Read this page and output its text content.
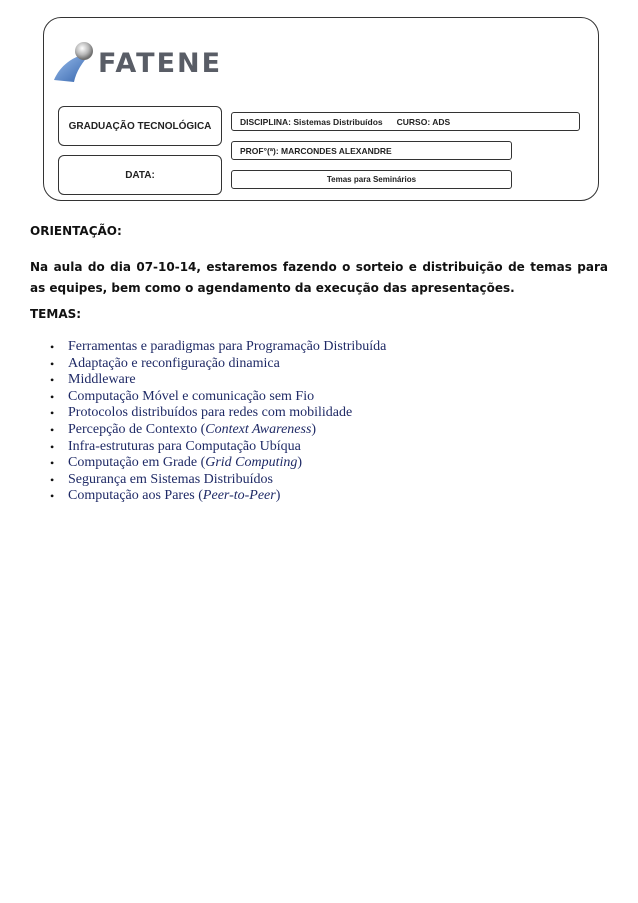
FATENE
GRADUAÇÃO TECNOLÓGICA
DATA:
DISCIPLINA: Sistemas Distribuídos CURSO: ADS
PROF°(ª): MARCONDES ALEXANDRE
Temas para Seminários
ORIENTAÇÃO:

Na aula do dia 07-10-14, estaremos fazendo o sorteio e distribuição de temas para as equipes, bem como o agendamento da execução das apresentações.

TEMAS:
• Ferramentas e paradigmas para Programação Distribuída
• Adaptação e reconfiguração dinamica
• Middleware
• Computação Móvel e comunicação sem Fio
• Protocolos distribuídos para redes com mobilidade
• Percepção de Contexto (Context Awareness)
• Infra-estruturas para Computação Ubíqua
• Computação em Grade (Grid Computing)
• Segurança em Sistemas Distribuídos
• Computação aos Pares (Peer-to-Peer)
